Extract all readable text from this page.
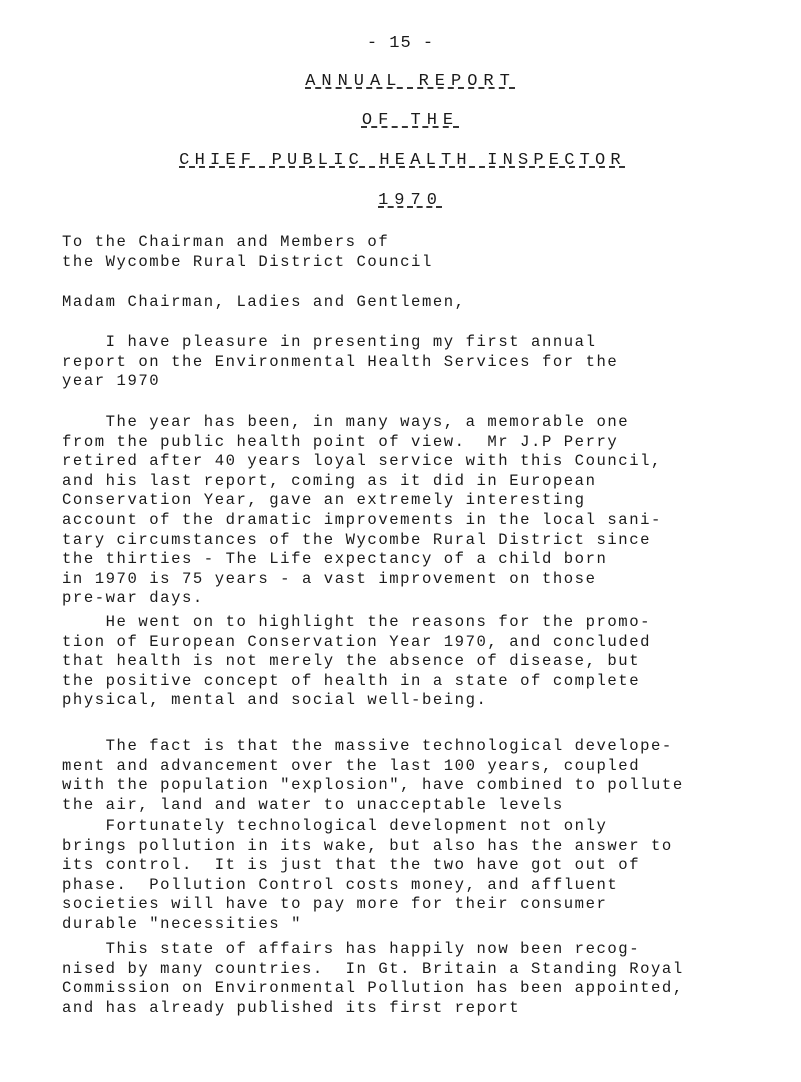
- 15 -
ANNUAL REPORT
OF THE
CHIEF PUBLIC HEALTH INSPECTOR
1970

To the Chairman and Members of
the Wycombe Rural District Council

Madam Chairman, Ladies and Gentlemen,

I have pleasure in presenting my first annual
report on the Environmental Health Services for the
year 1970

The year has been, in many ways, a memorable one
from the public health point of view.  Mr J.P Perry
retired after 40 years loyal service with this Council,
and his last report, coming as it did in European
Conservation Year, gave an extremely interesting
account of the dramatic improvements in the local sani-
tary circumstances of the Wycombe Rural District since
the thirties - The Life expectancy of a child born
in 1970 is 75 years - a vast improvement on those
pre-war days.

He went on to highlight the reasons for the promo-
tion of European Conservation Year 1970, and concluded
that health is not merely the absence of disease, but
the positive concept of health in a state of complete
physical, mental and social well-being.

The fact is that the massive technological develope-
ment and advancement over the last 100 years, coupled
with the population "explosion", have combined to pollute
the air, land and water to unacceptable levels

Fortunately technological development not only
brings pollution in its wake, but also has the answer to
its control.  It is just that the two have got out of
phase.  Pollution Control costs money, and affluent
societies will have to pay more for their consumer
durable "necessities "

This state of affairs has happily now been recog-
nised by many countries.  In Gt. Britain a Standing Royal
Commission on Environmental Pollution has been appointed,
and has already published its first report
